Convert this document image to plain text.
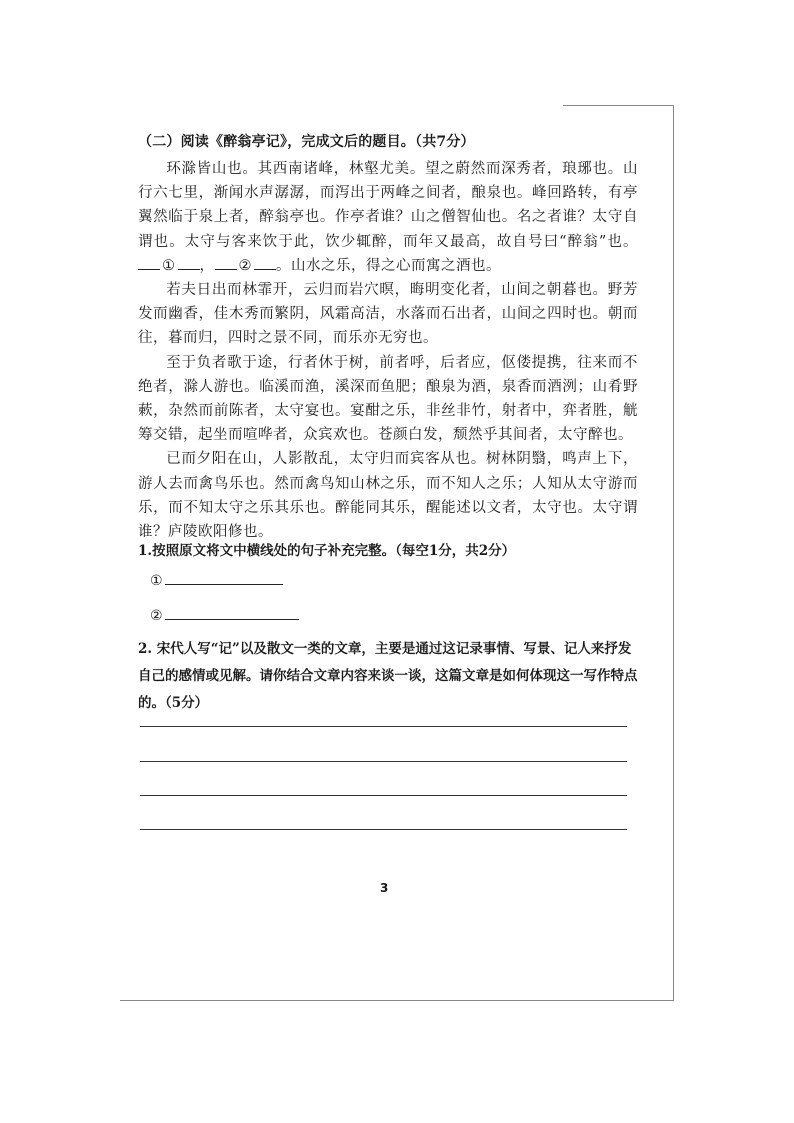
（二）阅读《醉翁亭记》，完成文后的题目。（共7分）

环滁皆山也。其西南诸峰，林壑尤美。望之蔚然而深秀者，琅琊也。山行六七里，渐闻水声潺潺，而泻出于两峰之间者，酿泉也。峰回路转，有亭翼然临于泉上者，醉翁亭也。作亭者谁？山之僧智仙也。名之者谁？太守自谓也。太守与客来饮于此，饮少辄醉，而年又最高，故自号曰“醉翁”也。① ， ② 。山水之乐，得之心而寓之酒也。

若夫日出而林霏开，云归而岩穴暝，晦明变化者，山间之朝暮也。野芳发而幽香，佳木秀而繁阴，风霜高洁，水落而石出者，山间之四时也。朝而往，暮而归，四时之景不同，而乐亦无穷也。

至于负者歌于途，行者休于树，前者呼，后者应，伛偻提携，往来而不绝者，滁人游也。临溪而渔，溪深而鱼肥；酿泉为酒，泉香而酒洌；山肴野蔌，杂然而前陈者，太守宴也。宴酣之乐，非丝非竹，射者中，弈者胜，觥筹交错，起坐而喧哗者，众宾欢也。苍颜白发，颓然乎其间者，太守醉也。

已而夕阳在山，人影散乱，太守归而宾客从也。树林阴翳，鸣声上下，游人去而禽鸟乐也。然而禽鸟知山林之乐，而不知人之乐；人知从太守游而乐，而不知太守之乐其乐也。醉能同其乐，醒能述以文者，太守也。太守谓谁？庐陵欧阳修也。

1.按照原文将文中横线处的句子补充完整。（每空1分，共2分）
①
②
2. 宋代人写“记”以及散文一类的文章，主要是通过这记录事情、写景、记人来抒发自己的感情或见解。请你结合文章内容来谈一谈，这篇文章是如何体现这一写作特点的。（5分）
3
